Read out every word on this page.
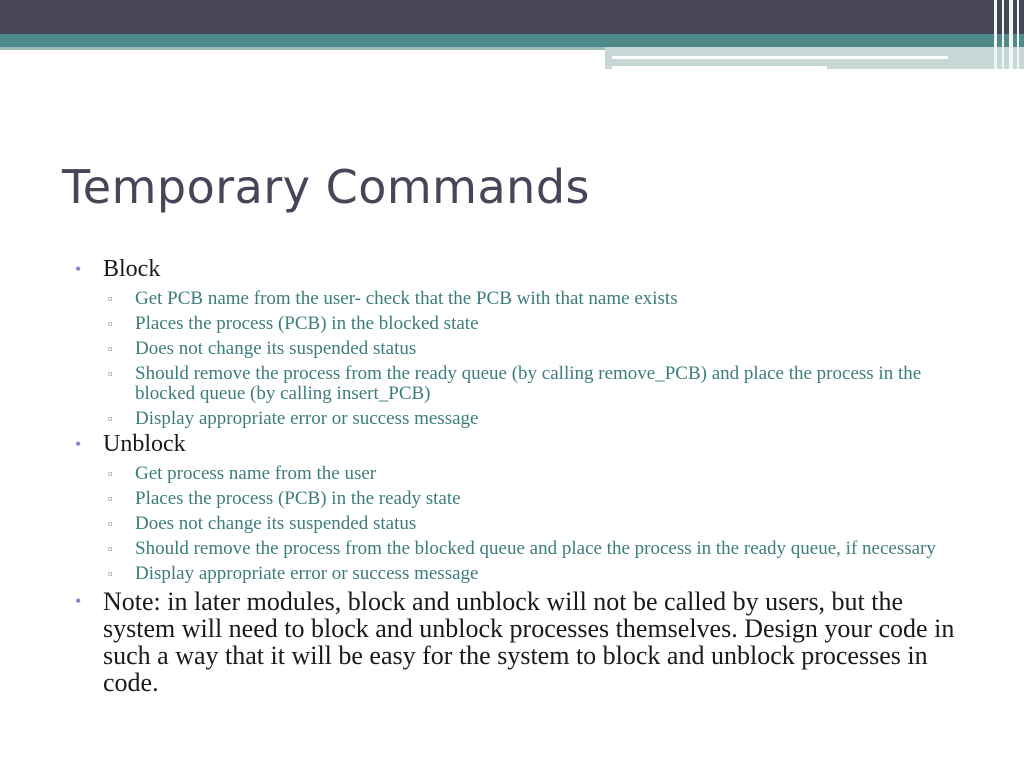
Temporary Commands
• Block
▫ Get PCB name from the user- check that the PCB with that name exists
▫ Places the process (PCB) in the blocked state
▫ Does not change its suspended status
▫ Should remove the process from the ready queue (by calling remove_PCB) and place the process in the blocked queue (by calling insert_PCB)
▫ Display appropriate error or success message
• Unblock
▫ Get process name from the user
▫ Places the process (PCB) in the ready state
▫ Does not change its suspended status
▫ Should remove the process from the blocked queue and place the process in the ready queue, if necessary
▫ Display appropriate error or success message
• Note: in later modules, block and unblock will not be called by users, but the system will need to block and unblock processes themselves. Design your code in such a way that it will be easy for the system to block and unblock processes in code.
